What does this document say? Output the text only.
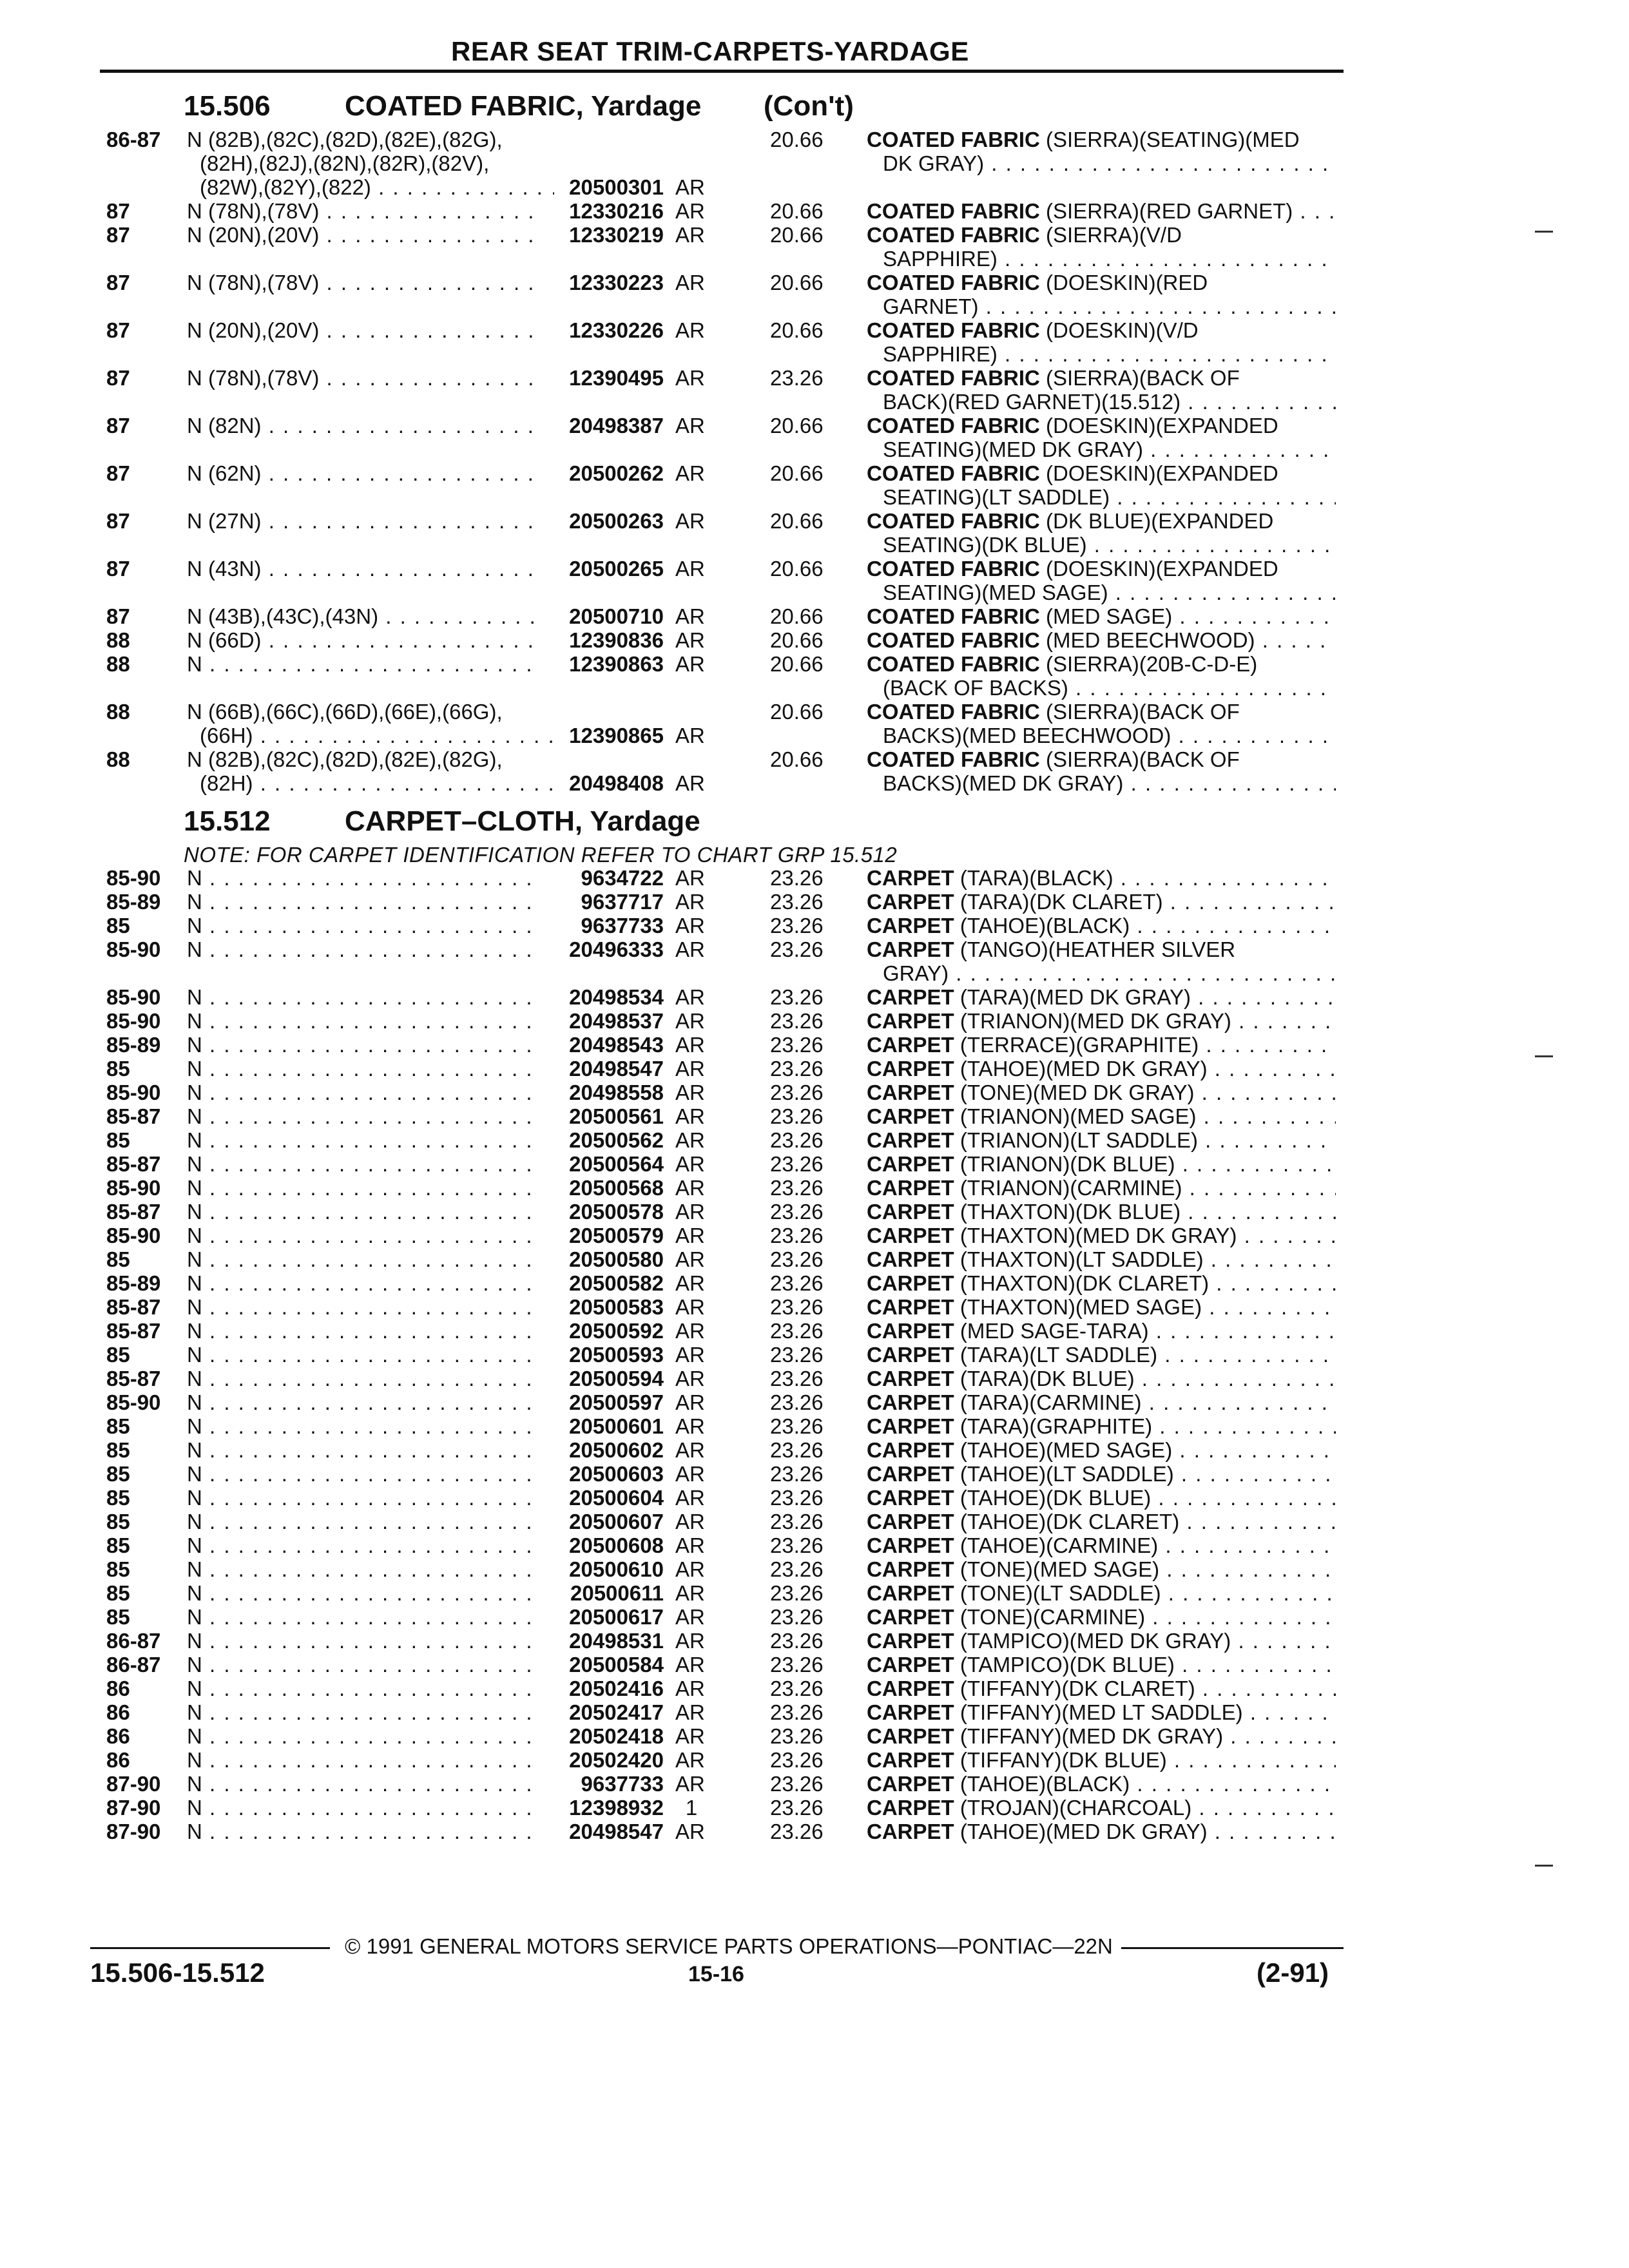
REAR SEAT TRIM-CARPETS-YARDAGE
15.506	COATED FABRIC, Yardage (Con't)
86-87 N (82B),(82C),(82D),(82E),(82G),	20.66 COATED FABRIC (SIERRA)(SEATING)(MED
(82H),(82J),(82N),(82R),(82V),	DK GRAY) . . .
(82W),(82Y),(822) . . .	20500301 AR
87	N (78N),(78V) . . .	12330216 AR	20.66 COATED FABRIC (SIERRA)(RED GARNET) . . .
87	N (20N),(20V) . . .	12330219 AR	20.66 COATED FABRIC (SIERRA)(V/D
SAPPHIRE) . . .
87	N (78N),(78V) . . .	12330223 AR	20.66 COATED FABRIC (DOESKIN)(RED
GARNET) . . .
87	N (20N),(20V) . . .	12330226 AR	20.66 COATED FABRIC (DOESKIN)(V/D
SAPPHIRE) . . .
87	N (78N),(78V) . . .	12390495 AR	23.26 COATED FABRIC (SIERRA)(BACK OF
BACK)(RED GARNET)(15.512) . . .
87	N (82N) . . .	20498387 AR	20.66 COATED FABRIC (DOESKIN)(EXPANDED
SEATING)(MED DK GRAY) . . .
87	N (62N) . . .	20500262 AR	20.66 COATED FABRIC (DOESKIN)(EXPANDED
SEATING)(LT SADDLE) . . .
87	N (27N) . . .	20500263 AR	20.66 COATED FABRIC (DK BLUE)(EXPANDED
SEATING)(DK BLUE) . . .
87	N (43N) . . .	20500265 AR	20.66 COATED FABRIC (DOESKIN)(EXPANDED
SEATING)(MED SAGE) . . .
87	N (43B),(43C),(43N) . . .	20500710 AR	20.66 COATED FABRIC (MED SAGE) . . .
88	N (66D) . . .	12390836 AR	20.66 COATED FABRIC (MED BEECHWOOD) . . .
88	N . . .	12390863 AR	20.66 COATED FABRIC (SIERRA)(20B-C-D-E)
(BACK OF BACKS) . . .
88	N (66B),(66C),(66D),(66E),(66G),	20.66 COATED FABRIC (SIERRA)(BACK OF
(66H) . . .	12390865 AR	BACKS)(MED BEECHWOOD) . . .
88	N (82B),(82C),(82D),(82E),(82G),	20.66 COATED FABRIC (SIERRA)(BACK OF
(82H) . . .	20498408 AR	BACKS)(MED DK GRAY) . . .
15.512	CARPET–CLOTH, Yardage
NOTE: FOR CARPET IDENTIFICATION REFER TO CHART GRP 15.512
85-90 N . . .	9634722 AR	23.26 CARPET (TARA)(BLACK) . . .
85-89 N . . .	9637717 AR	23.26 CARPET (TARA)(DK CLARET) . . .
85	N . . .	9637733 AR	23.26 CARPET (TAHOE)(BLACK) . . .
85-90 N . . .	20496333 AR	23.26 CARPET (TANGO)(HEATHER SILVER
GRAY) . . .
85-90 N . . .	20498534 AR	23.26 CARPET (TARA)(MED DK GRAY) . . .
85-90 N . . .	20498537 AR	23.26 CARPET (TRIANON)(MED DK GRAY) . . .
85-89 N . . .	20498543 AR	23.26 CARPET (TERRACE)(GRAPHITE) . . .
85	N . . .	20498547 AR	23.26 CARPET (TAHOE)(MED DK GRAY) . . .
85-90 N . . .	20498558 AR	23.26 CARPET (TONE)(MED DK GRAY) . . .
85-87 N . . .	20500561 AR	23.26 CARPET (TRIANON)(MED SAGE) . . .
85	N . . .	20500562 AR	23.26 CARPET (TRIANON)(LT SADDLE) . . .
85-87 N . . .	20500564 AR	23.26 CARPET (TRIANON)(DK BLUE) . . .
85-90 N . . .	20500568 AR	23.26 CARPET (TRIANON)(CARMINE) . . .
85-87 N . . .	20500578 AR	23.26 CARPET (THAXTON)(DK BLUE) . . .
85-90 N . . .	20500579 AR	23.26 CARPET (THAXTON)(MED DK GRAY) . . .
85	N . . .	20500580 AR	23.26 CARPET (THAXTON)(LT SADDLE) . . .
85-89 N . . .	20500582 AR	23.26 CARPET (THAXTON)(DK CLARET) . . .
85-87 N . . .	20500583 AR	23.26 CARPET (THAXTON)(MED SAGE) . . .
85-87 N . . .	20500592 AR	23.26 CARPET (MED SAGE-TARA) . . .
85	N . . .	20500593 AR	23.26 CARPET (TARA)(LT SADDLE) . . .
85-87 N . . .	20500594 AR	23.26 CARPET (TARA)(DK BLUE) . . .
85-90 N . . .	20500597 AR	23.26 CARPET (TARA)(CARMINE) . . .
85	N . . .	20500601 AR	23.26 CARPET (TARA)(GRAPHITE) . . .
85	N . . .	20500602 AR	23.26 CARPET (TAHOE)(MED SAGE) . . .
85	N . . .	20500603 AR	23.26 CARPET (TAHOE)(LT SADDLE) . . .
85	N . . .	20500604 AR	23.26 CARPET (TAHOE)(DK BLUE) . . .
85	N . . .	20500607 AR	23.26 CARPET (TAHOE)(DK CLARET) . . .
85	N . . .	20500608 AR	23.26 CARPET (TAHOE)(CARMINE) . . .
85	N . . .	20500610 AR	23.26 CARPET (TONE)(MED SAGE) . . .
85	N . . .	20500611 AR	23.26 CARPET (TONE)(LT SADDLE) . . .
85	N . . .	20500617 AR	23.26 CARPET (TONE)(CARMINE) . . .
86-87 N . . .	20498531 AR	23.26 CARPET (TAMPICO)(MED DK GRAY) . . .
86-87 N . . .	20500584 AR	23.26 CARPET (TAMPICO)(DK BLUE) . . .
86	N . . .	20502416 AR	23.26 CARPET (TIFFANY)(DK CLARET) . . .
86	N . . .	20502417 AR	23.26 CARPET (TIFFANY)(MED LT SADDLE) . . .
86	N . . .	20502418 AR	23.26 CARPET (TIFFANY)(MED DK GRAY) . . .
86	N . . .	20502420 AR	23.26 CARPET (TIFFANY)(DK BLUE) . . .
87-90 N . . .	9637733 AR	23.26 CARPET (TAHOE)(BLACK) . . .
87-90 N . . .	12398932	1	23.26 CARPET (TROJAN)(CHARCOAL) . . .
87-90 N . . .	20498547 AR	23.26 CARPET (TAHOE)(MED DK GRAY) . . .
© 1991 GENERAL MOTORS SERVICE PARTS OPERATIONS—PONTIAC—22N
15.506-15.512	15-16	(2-91)
